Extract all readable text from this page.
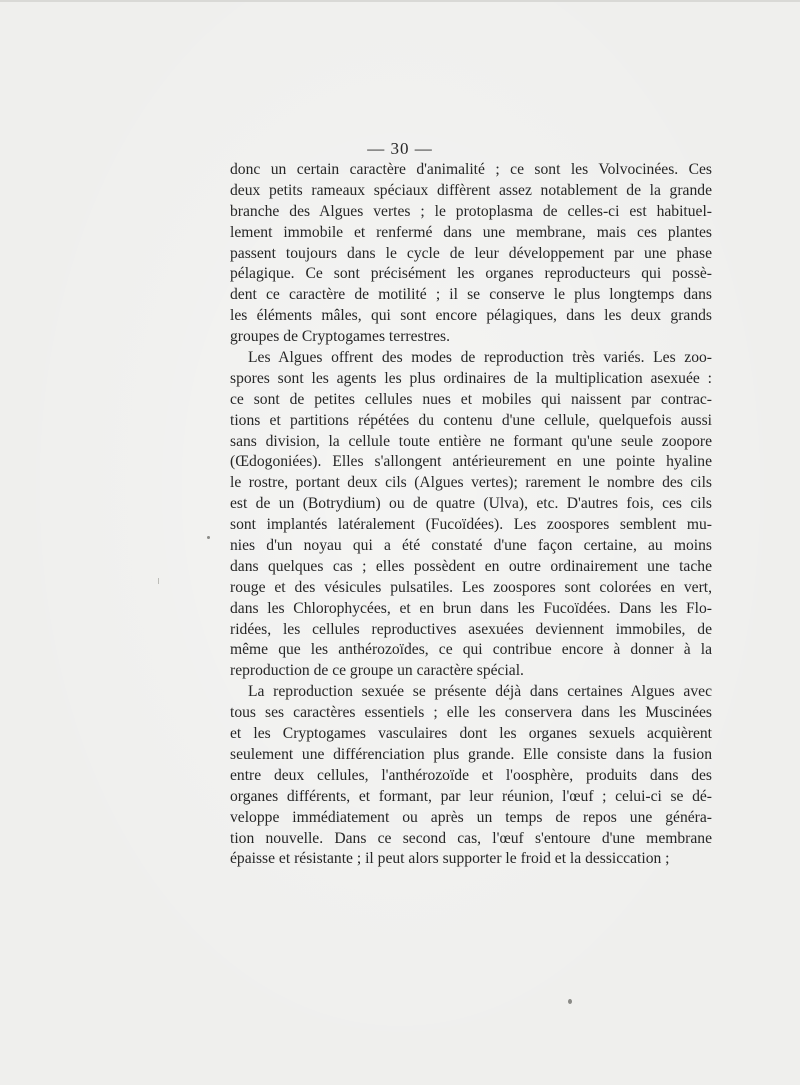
— 30 —
donc un certain caractère d'animalité ; ce sont les Volvocinées. Ces
deux petits rameaux spéciaux diffèrent assez notablement de la grande
branche des Algues vertes ; le protoplasma de celles-ci est habituel-
lement immobile et renfermé dans une membrane, mais ces plantes
passent toujours dans le cycle de leur développement par une phase
pélagique. Ce sont précisément les organes reproducteurs qui possè-
dent ce caractère de motilité ; il se conserve le plus longtemps dans
les éléments mâles, qui sont encore pélagiques, dans les deux grands
groupes de Cryptogames terrestres.
Les Algues offrent des modes de reproduction très variés. Les zoo-
spores sont les agents les plus ordinaires de la multiplication asexuée :
ce sont de petites cellules nues et mobiles qui naissent par contrac-
tions et partitions répétées du contenu d'une cellule, quelquefois aussi
sans division, la cellule toute entière ne formant qu'une seule zoopore
(Œdogoniées). Elles s'allongent antérieurement en une pointe hyaline
le rostre, portant deux cils (Algues vertes); rarement le nombre des cils
est de un (Botrydium) ou de quatre (Ulva), etc. D'autres fois, ces cils
sont implantés latéralement (Fucoïdées). Les zoospores semblent mu-
nies d'un noyau qui a été constaté d'une façon certaine, au moins
dans quelques cas ; elles possèdent en outre ordinairement une tache
rouge et des vésicules pulsatiles. Les zoospores sont colorées en vert,
dans les Chlorophycées, et en brun dans les Fucoïdées. Dans les Flo-
ridées, les cellules reproductives asexuées deviennent immobiles, de
même que les anthérozoïdes, ce qui contribue encore à donner à la
reproduction de ce groupe un caractère spécial.
La reproduction sexuée se présente déjà dans certaines Algues avec
tous ses caractères essentiels ; elle les conservera dans les Muscinées
et les Cryptogames vasculaires dont les organes sexuels acquièrent
seulement une différenciation plus grande. Elle consiste dans la fusion
entre deux cellules, l'anthérozoïde et l'oosphère, produits dans des
organes différents, et formant, par leur réunion, l'œuf ; celui-ci se dé-
veloppe immédiatement ou après un temps de repos une généra-
tion nouvelle. Dans ce second cas, l'œuf s'entoure d'une membrane
épaisse et résistante ; il peut alors supporter le froid et la dessiccation ;
